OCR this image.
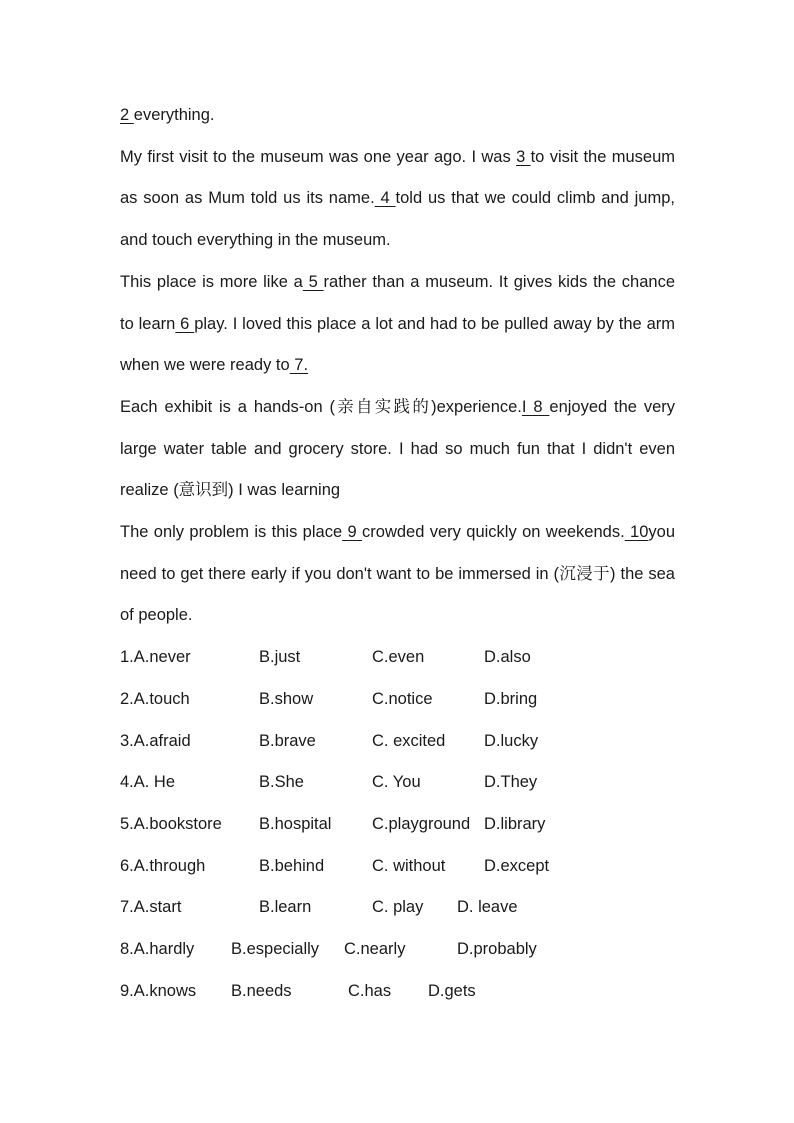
2 everything.

My first visit to the museum was one year ago. I was 3 to visit the museum as soon as Mum told us its name. 4 told us that we could climb and jump, and touch everything in the museum.

This place is more like a 5 rather than a museum. It gives kids the chance to learn 6 play. I loved this place a lot and had to be pulled away by the arm when we were ready to 7.

Each exhibit is a hands-on (亲自实践的)experience.I 8 enjoyed the very large water table and grocery store. I had so much fun that I didn't even realize (意识到) I was learning

The only problem is this place 9 crowded very quickly on weekends. 10you need to get there early if you don't want to be immersed in (沉浸于) the sea of people.

1.A.never	B.just	C.even	D.also
2.A.touch	B.show	C.notice	D.bring
3.A.afraid	B.brave	C. excited D.lucky
4.A. He	B.She	C. You	D.They
5.A.bookstore B.hospital C.playground D.library
6.A.through	B.behind	C. without D.except
7.A.start	B.learn	C. play D. leave
8.A.hardly B.especially C.nearly	D.probably
9.A.knows B.needs	C.has D.gets
